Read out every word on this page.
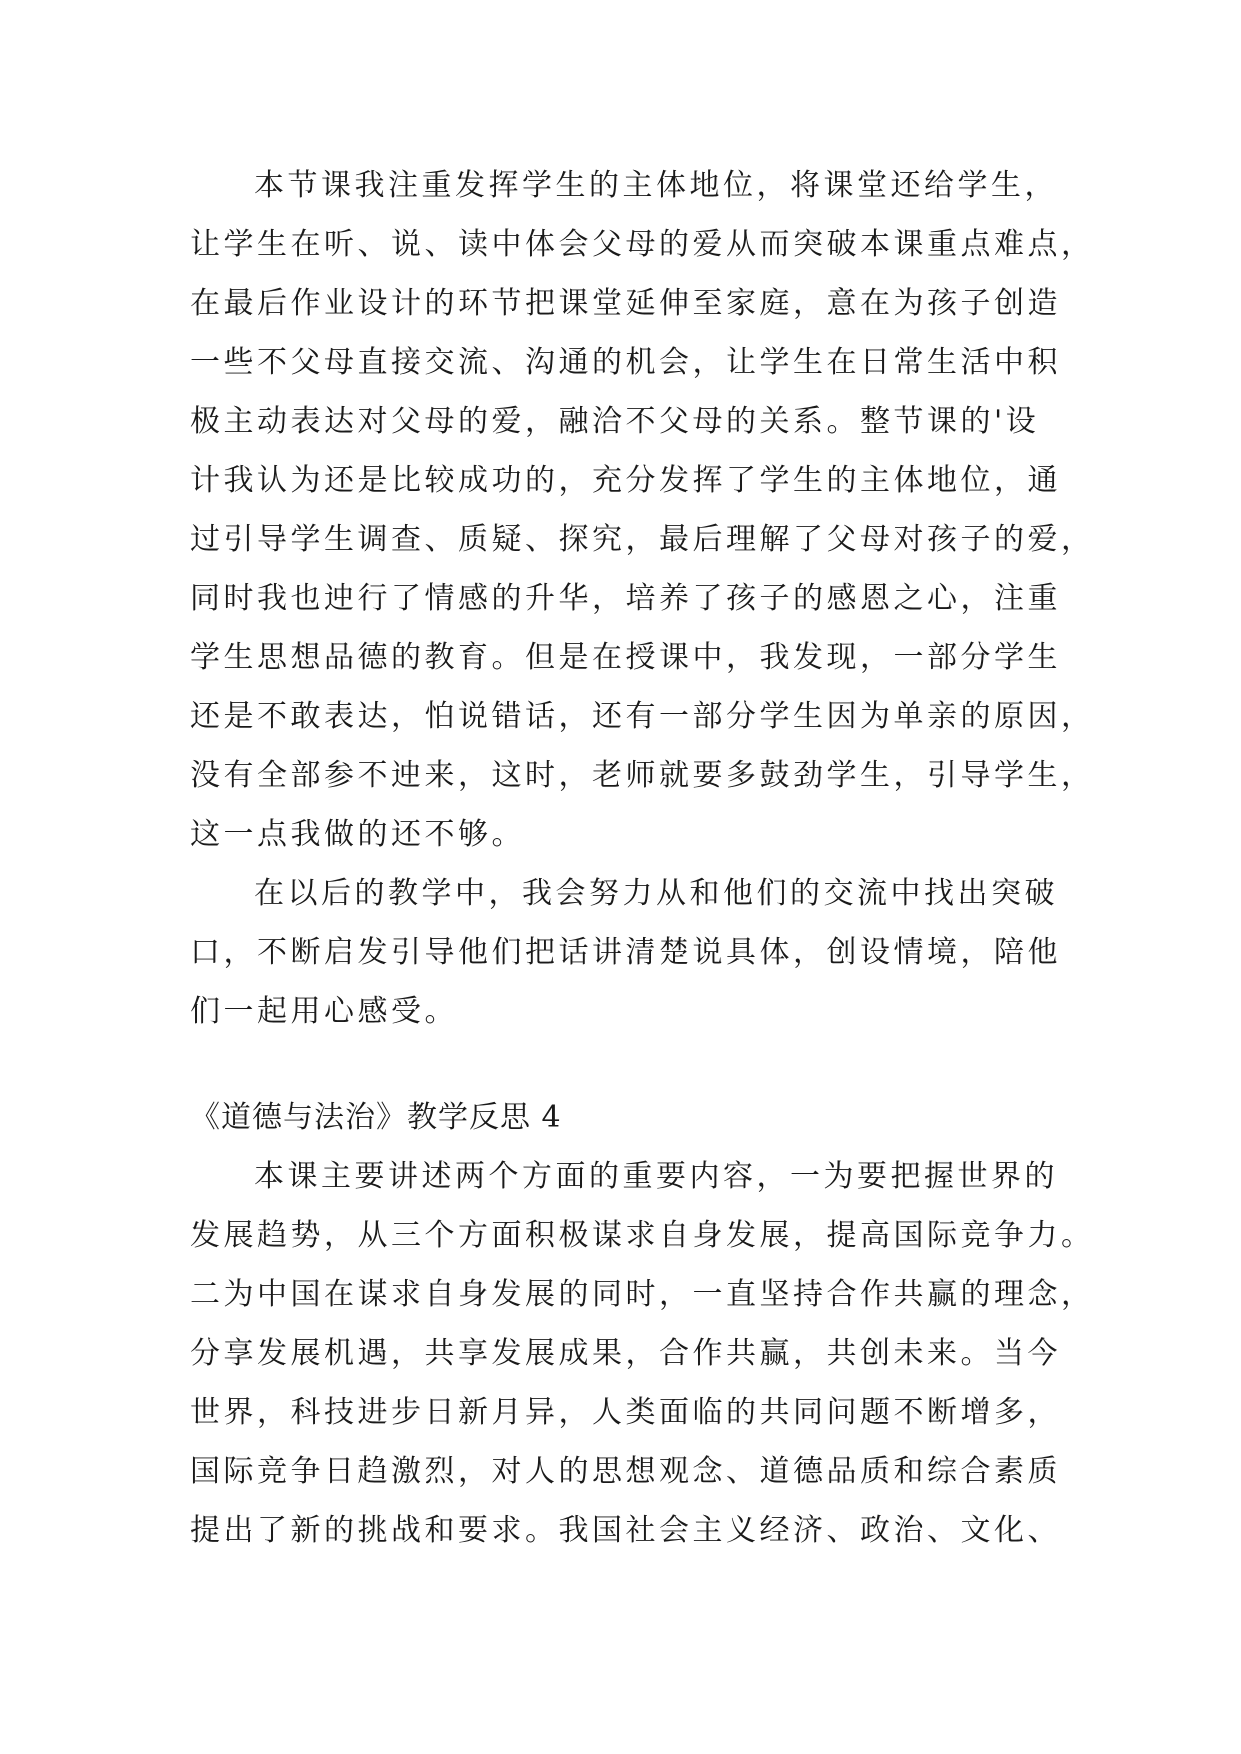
本节课我注重发挥学生的主体地位，将课堂还给学生，
让学生在听、说、读中体会父母的爱从而突破本课重点难点，
在最后作业设计的环节把课堂延伸至家庭，意在为孩子创造
一些不父母直接交流、沟通的机会，让学生在日常生活中积
极主动表达对父母的爱，融洽不父母的关系。整节课的'设
计我认为还是比较成功的，充分发挥了学生的主体地位，通
过引导学生调查、质疑、探究，最后理解了父母对孩子的爱，
同时我也迚行了情感的升华，培养了孩子的感恩之心，注重
学生思想品德的教育。但是在授课中，我发现，一部分学生
还是不敢表达，怕说错话，还有一部分学生因为单亲的原因，
没有全部参不迚来，这时，老师就要多鼓劲学生，引导学生，
这一点我做的还不够。
在以后的教学中，我会努力从和他们的交流中找出突破
口，不断启发引导他们把话讲清楚说具体，创设情境，陪他
们一起用心感受。
《道德与法治》教学反思 4
本课主要讲述两个方面的重要内容，一为要把握世界的
发展趋势，从三个方面积极谋求自身发展，提高国际竞争力。
二为中国在谋求自身发展的同时，一直坚持合作共赢的理念，
分享发展机遇，共享发展成果，合作共赢，共创未来。当今
世界，科技进步日新月异，人类面临的共同问题不断增多，
国际竞争日趋激烈，对人的思想观念、道德品质和综合素质
提出了新的挑战和要求。我国社会主义经济、政治、文化、
